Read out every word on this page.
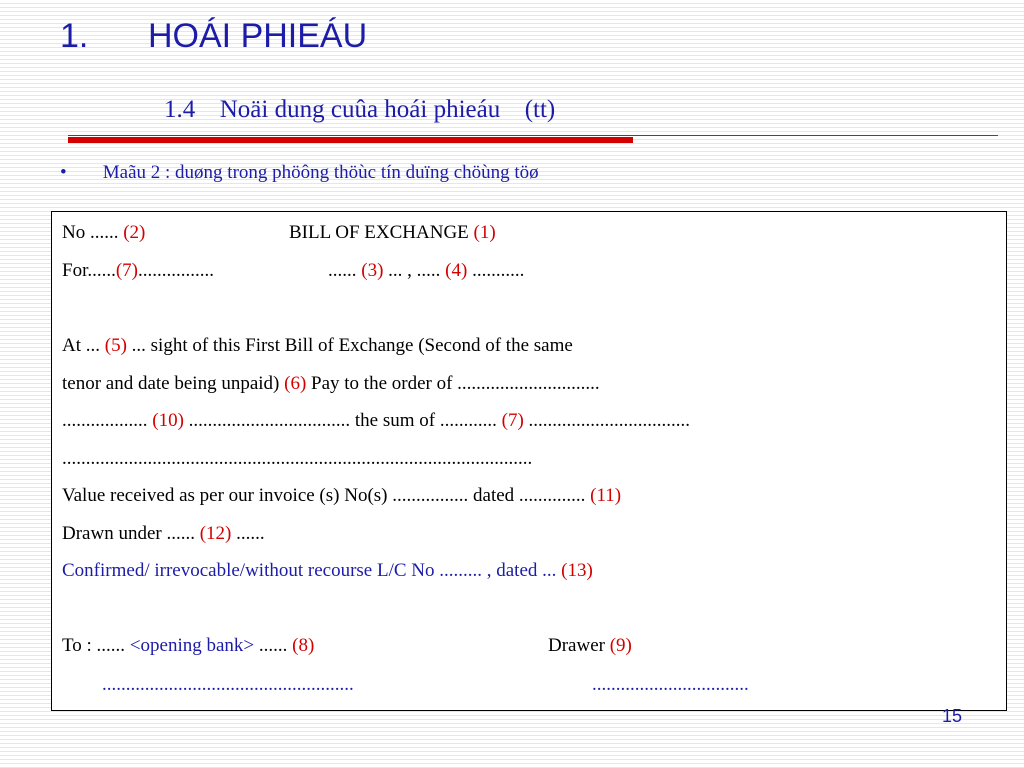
1.	HOÁI PHIEÁU
1.4 Noäi dung cuûa hoái phieáu (tt)
• Maãu 2 : duøng trong phöông thöùc tín duïng chöùng töø
No ...... (2)	BILL OF EXCHANGE (1)
For......(7)................	...... (3) ... , ..... (4) ...........
At ... (5) ... sight of this First Bill of Exchange (Second of the same
tenor and date being unpaid) (6) Pay to the order of ..............................
.................. (10) .................................. the sum of ............ (7) ..................................
...................................................................................................
Value received as per our invoice (s) No(s) ................ dated .............. (11)
Drawn under ...... (12) ......
Confirmed/ irrevocable/without recourse L/C No ......... , dated ... (13)
To : ...... <opening bank> ...... (8)	Drawer (9)
.....................................................	.................................
15
